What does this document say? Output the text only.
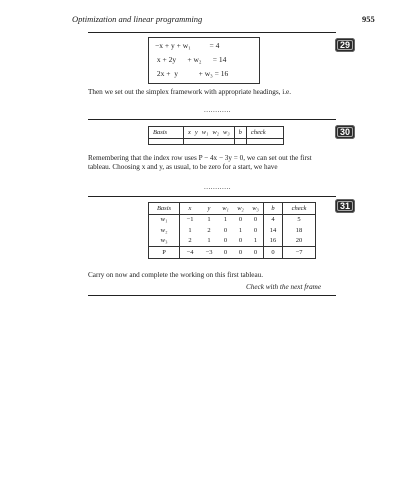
Optimization and linear programming	955
29
−x + y + w₁          = 4
x + 2y      + w₂      = 14
2x +  y           + w₃ = 16
Then we set out the simplex framework with appropriate headings, i.e.
............
30
Basis	x	y	w₁	w₂	w₃	b	check

Remembering that the index row uses P − 4x − 3y = 0, we can set out the first tableau. Choosing x and y, as usual, to be zero for a start, we have
............
31
Basis	x	y	w₁	w₂	w₃	b	check
w₁	−1	1	1	0	0	4	5
w₂	1	2	0	1	0	14	18
w₃	2	1	0	0	1	16	20
P	−4	−3	0	0	0	0	−7
Carry on now and complete the working on this first tableau.
Check with the next frame
